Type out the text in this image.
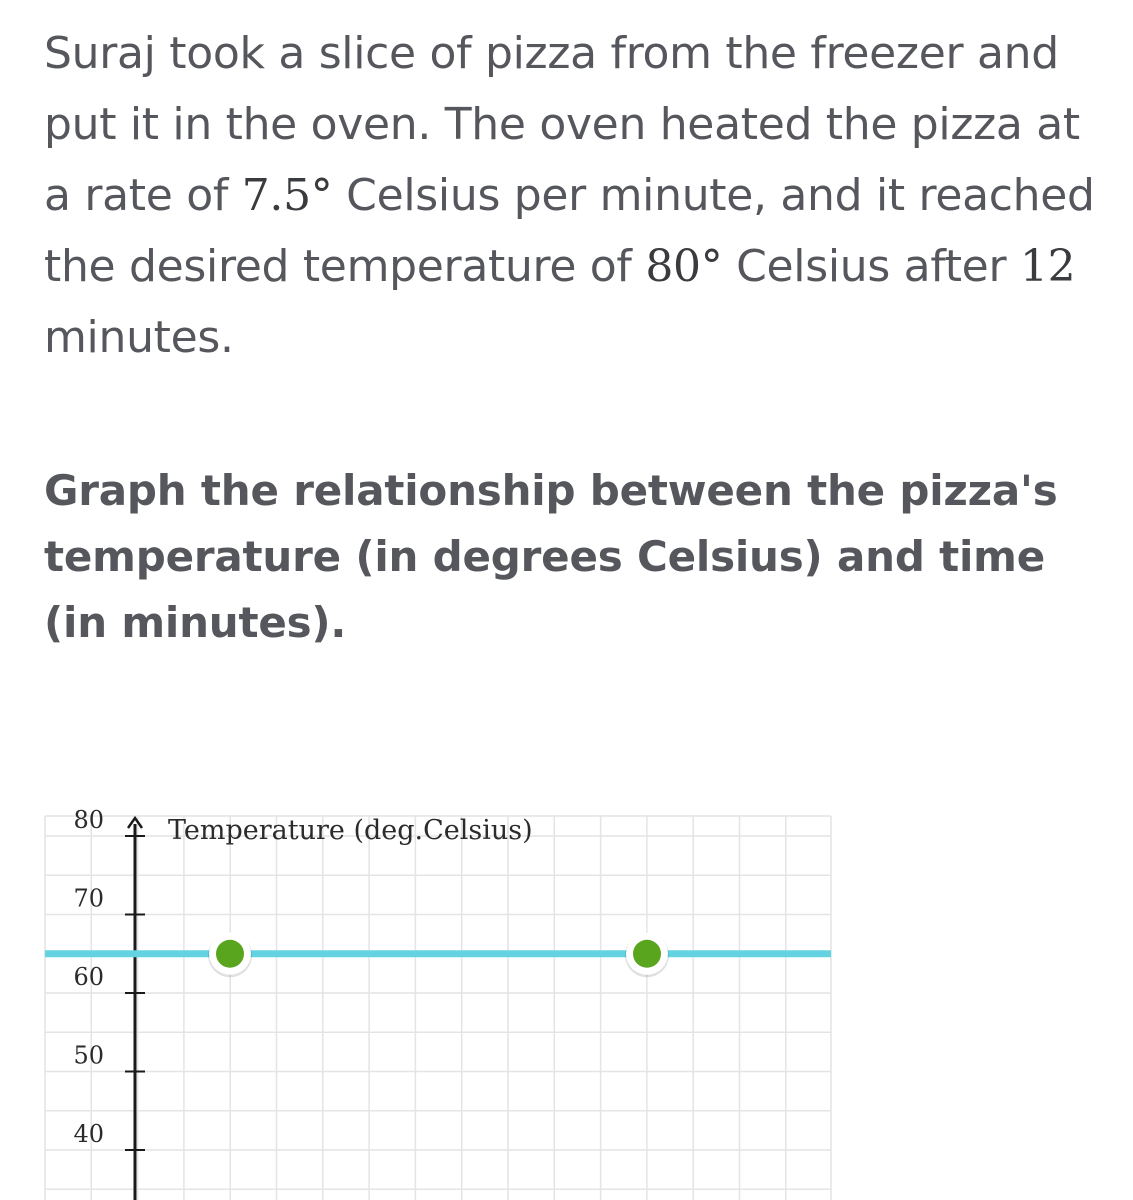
Suraj took a slice of pizza from the freezer and put it in the oven. The oven heated the pizza at a rate of 7.5° Celsius per minute, and it reached the desired temperature of 80° Celsius after 12 minutes.
Graph the relationship between the pizza's temperature (in degrees Celsius) and time (in minutes).
80
70
60
50
40
Temperature (deg.Celsius)
